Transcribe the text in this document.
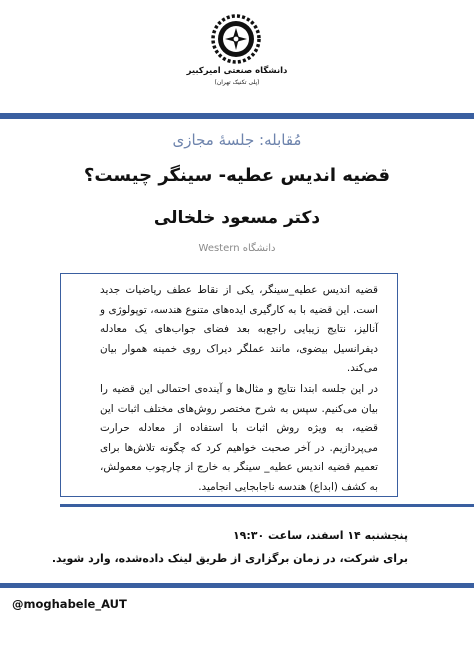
دانشگاه صنعتی امیرکبیر
(پلی تکنیک تهران)
مُقابله: جلسهٔ مجازی
قضیه اندیس عطیه- سینگر چیست؟
دکتر مسعود خلخالی
دانشگاه Western

قضیه اندیس عطیه_سینگر، یکی از نقاط عطف ریاضیات جدید است. این قضیه با به کارگیری ایده‌های متنوع هندسه، توپولوژی و آنالیز، نتایج زیبایی راجع‌به بعد فضای جواب‌های یک معادله دیفرانسیل بیضوی، مانند عملگر دیراک روی خمینه هموار بیان می‌کند.

در این جلسه ابتدا نتایج و مثال‌ها و آینده‌ی احتمالی این قضیه را بیان می‌کنیم. سپس به شرح مختصر روش‌های مختلف اثبات این قضیه، به ویژه روش اثبات با استفاده از معادله حرارت می‌پردازیم. در آخر صحبت خواهیم کرد که چگونه تلاش‌ها برای تعمیم قضیه اندیس عطیه_ سینگر به خارج از چارچوب معمولش، به کشف (ابداع) هندسه ناجابجایی انجامید.

پنجشنبه ۱۴ اسفند، ساعت ۱۹:۳۰
برای شرکت، در زمان برگزاری از طریق لینک داده‌شده، وارد شوید.
@moghabele_AUT
